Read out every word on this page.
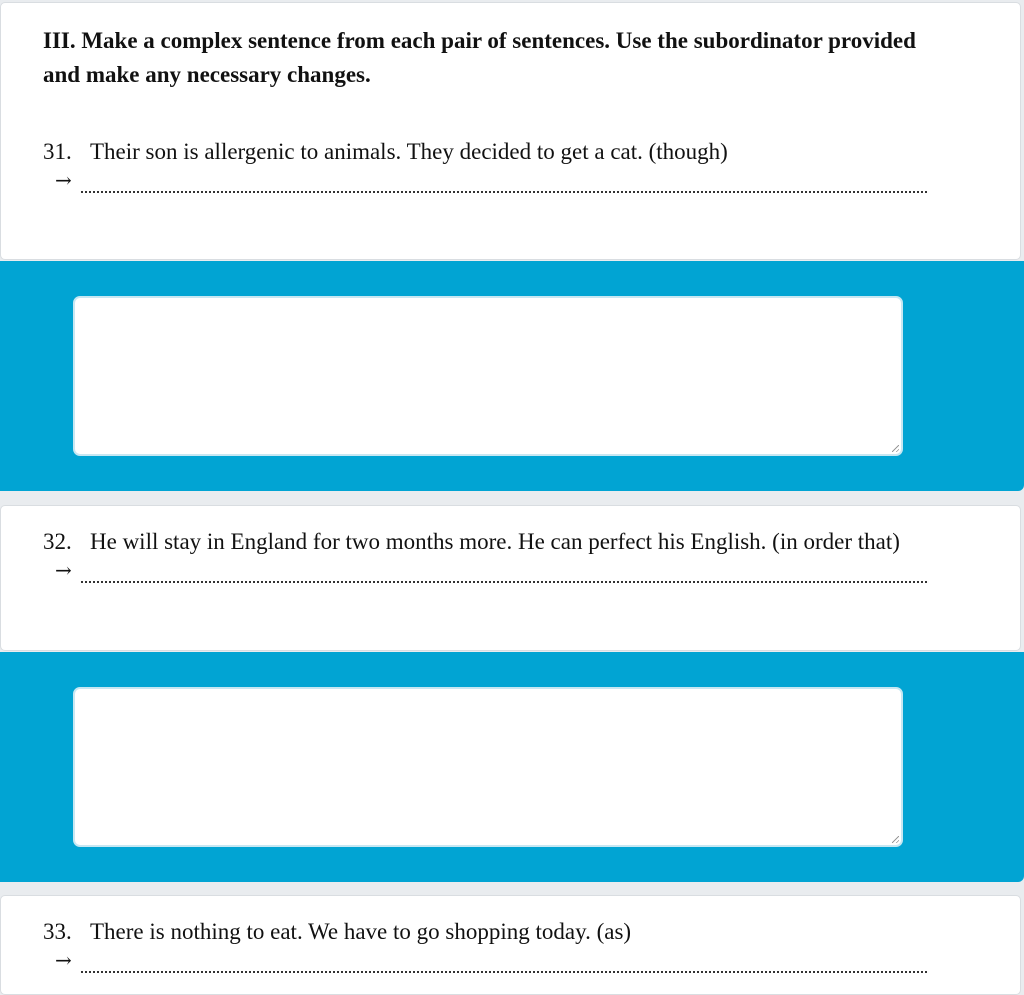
III. Make a complex sentence from each pair of sentences. Use the subordinator provided and make any necessary changes.
31. Their son is allergenic to animals. They decided to get a cat. (though)
→
32. He will stay in England for two months more. He can perfect his English. (in order that)
→
33. There is nothing to eat. We have to go shopping today. (as)
→
